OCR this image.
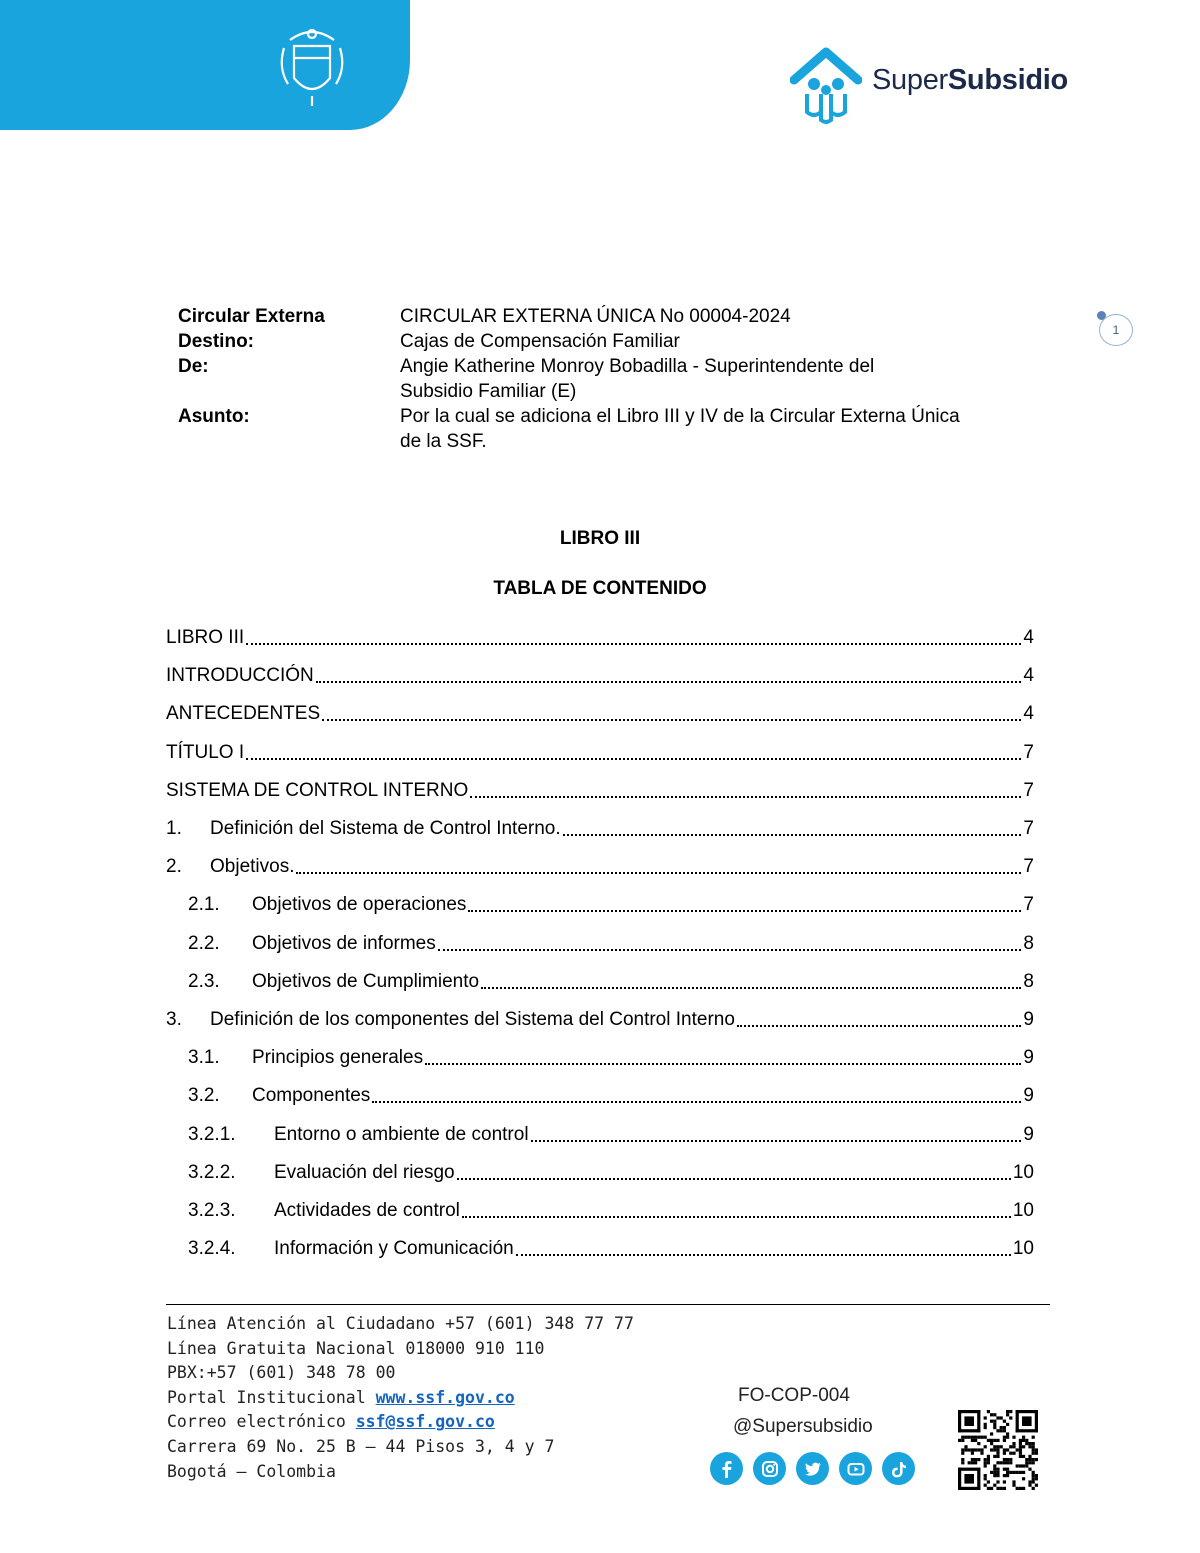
SuperSubsidio
Circular Externa	CIRCULAR EXTERNA ÚNICA No 00004-2024
Destino:	Cajas de Compensación Familiar
De:	Angie Katherine Monroy Bobadilla - Superintendente del
Subsidio Familiar (E)
Asunto:	Por la cual se adiciona el Libro III y IV de la Circular Externa Única
de la SSF.
1
LIBRO III
TABLA DE CONTENIDO
LIBRO III	4
INTRODUCCIÓN	4
ANTECEDENTES	4
TÍTULO I	7
SISTEMA DE CONTROL INTERNO	7
1.	Definición del Sistema de Control Interno.	7
2.	Objetivos.	7
2.1.	Objetivos de operaciones	7
2.2.	Objetivos de informes	8
2.3.	Objetivos de Cumplimiento	8
3.	Definición de los componentes del Sistema del Control Interno	9
3.1.	Principios generales	9
3.2.	Componentes	9
3.2.1.	Entorno o ambiente de control	9
3.2.2.	Evaluación del riesgo	10
3.2.3.	Actividades de control	10
3.2.4.	Información y Comunicación	10
Línea Atención al Ciudadano +57 (601) 348 77 77
Línea Gratuita Nacional 018000 910 110
PBX:+57 (601) 348 78 00
Portal Institucional www.ssf.gov.co
Correo electrónico ssf@ssf.gov.co
Carrera 69 No. 25 B – 44 Pisos 3, 4 y 7
Bogotá – Colombia
FO-COP-004
@Supersubsidio
